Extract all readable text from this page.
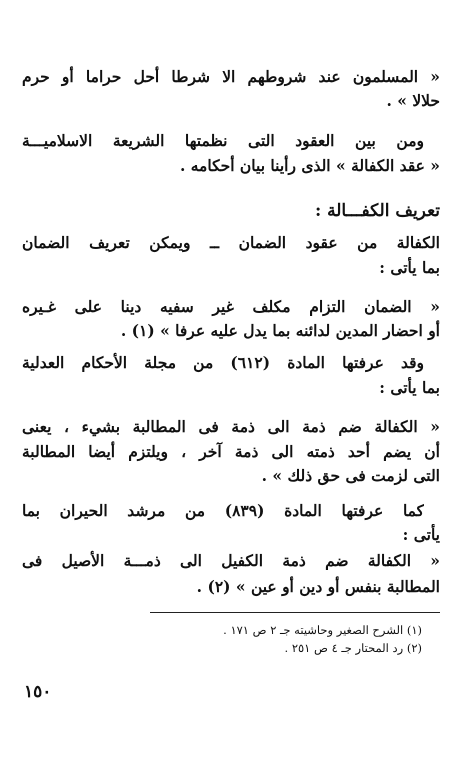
« المسلمون عند شروطهم الا شرطا أحل حراما أو حرم
حلالا » .
ومن بين العقود التى نظمتها الشريعة الاسلاميـــة
« عقد الكفالة » الذى رأينا بيان أحكامه .
تعريف الكفـــالة :
الكفالة من عقود الضمان ــ ويمكن تعريف الضمان
بما يأتى :
« الضمان التزام مكلف غير سفيه دينا على غـيره
أو احضار المدين لدائنه بما يدل عليه عرفا » (١) .
وقد عرفتها المادة (٦١٢) من مجلة الأحكام العدلية
بما يأتى :
« الكفالة ضم ذمة الى ذمة فى المطالبة بشيء ، يعنى
أن يضم أحد ذمته الى ذمة آخر ، ويلتزم أيضا المطالبة
التى لزمت فى حق ذلك » .
كما عرفتها المادة (٨٣٩) من مرشد الحيران بما
يأتى :
« الكفالة ضم ذمة الكفيل الى ذمـــة الأصيل فى
المطالبة بنفس أو دين أو عين » (٢) .
(١) الشرح الصغير وحاشيته جـ ٢ ص ١٧١ .
(٢) رد المحتار جـ ٤ ص ٢٥١ .
١٥٠
